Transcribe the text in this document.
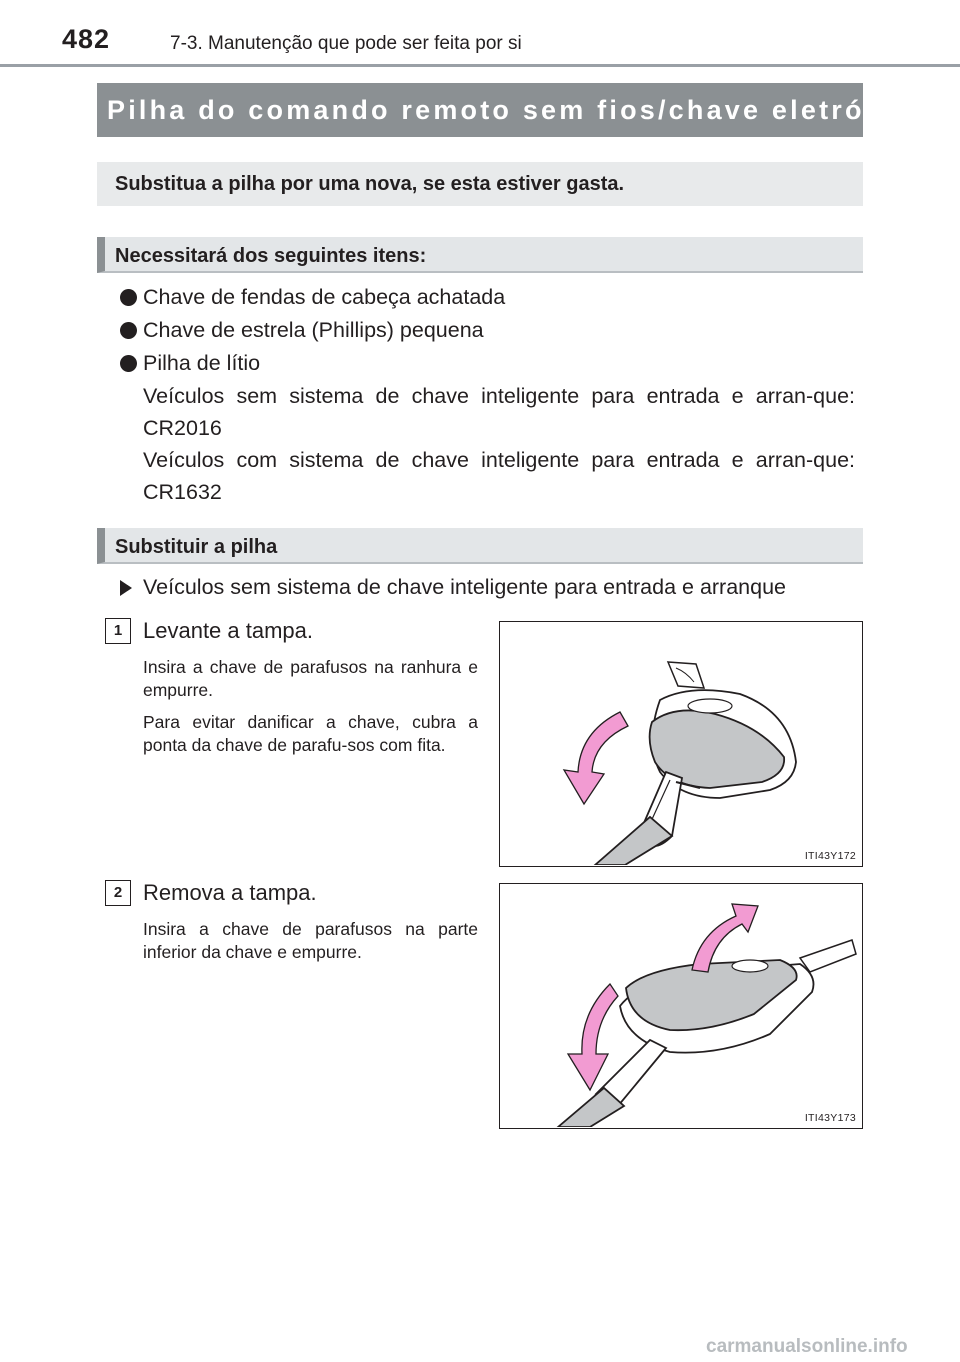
482	7-3. Manutenção que pode ser feita por si
Pilha do comando remoto sem fios/chave eletrónica
Substitua a pilha por uma nova, se esta estiver gasta.
Necessitará dos seguintes itens:
Chave de fendas de cabeça achatada
Chave de estrela (Phillips) pequena
Pilha de lítio
Veículos sem sistema de chave inteligente para entrada e arran-que: CR2016
Veículos com sistema de chave inteligente para entrada e arran-que: CR1632
Substituir a pilha
Veículos sem sistema de chave inteligente para entrada e arranque
1 Levante a tampa.
Insira a chave de parafusos na ranhura e empurre.
Para evitar danificar a chave, cubra a ponta da chave de parafu-sos com fita.
ITI43Y172
2 Remova a tampa.
Insira a chave de parafusos na parte inferior da chave e empurre.
ITI43Y173
carmanualsonline.info
